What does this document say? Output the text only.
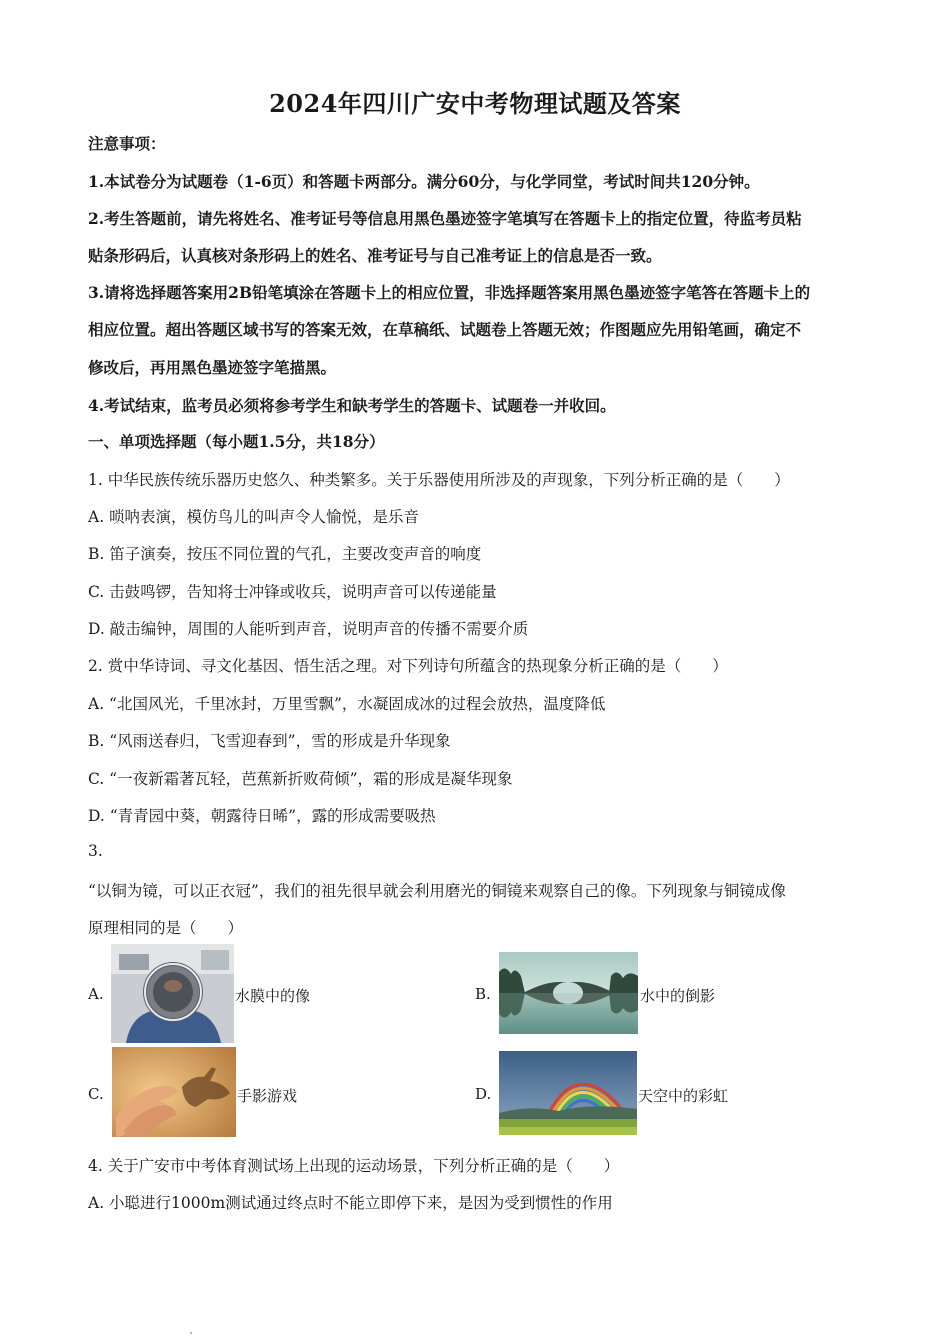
2024年四川广安中考物理试题及答案
注意事项：
1.本试卷分为试题卷（1-6页）和答题卡两部分。满分60分，与化学同堂，考试时间共120分钟。
2.考生答题前，请先将姓名、准考证号等信息用黑色墨迹签字笔填写在答题卡上的指定位置，待监考员粘
贴条形码后，认真核对条形码上的姓名、准考证号与自己准考证上的信息是否一致。
3.请将选择题答案用2B铅笔填涂在答题卡上的相应位置，非选择题答案用黑色墨迹签字笔答在答题卡上的
相应位置。超出答题区域书写的答案无效，在草稿纸、试题卷上答题无效；作图题应先用铅笔画，确定不
修改后，再用黑色墨迹签字笔描黑。
4.考试结束，监考员必须将参考学生和缺考学生的答题卡、试题卷一并收回。
一、单项选择题（每小题1.5分，共18分）
1. 中华民族传统乐器历史悠久、种类繁多。关于乐器使用所涉及的声现象，下列分析正确的是（　　）
A. 唢呐表演，模仿鸟儿的叫声令人愉悦，是乐音
B. 笛子演奏，按压不同位置的气孔，主要改变声音的响度
C. 击鼓鸣锣，告知将士冲锋或收兵，说明声音可以传递能量
D. 敲击编钟，周围的人能听到声音，说明声音的传播不需要介质
2. 赏中华诗词、寻文化基因、悟生活之理。对下列诗句所蕴含的热现象分析正确的是（　　）
A. “北国风光，千里冰封，万里雪飘”，水凝固成冰的过程会放热，温度降低
B. “风雨送春归，飞雪迎春到”，雪的形成是升华现象
C. “一夜新霜著瓦轻，芭蕉新折败荷倾”，霜的形成是凝华现象
D. “青青园中葵，朝露待日晞”，露的形成需要吸热
3.
“以铜为镜，可以正衣冠”，我们的祖先很早就会利用磨光的铜镜来观察自己的像。下列现象与铜镜成像
原理相同的是（　　）
A.	水膜中的像	B.	水中的倒影
C.	手影游戏	D.	天空中的彩虹
4. 关于广安市中考体育测试场上出现的运动场景，下列分析正确的是（　　）
A. 小聪进行1000m测试通过终点时不能立即停下来，是因为受到惯性的作用
